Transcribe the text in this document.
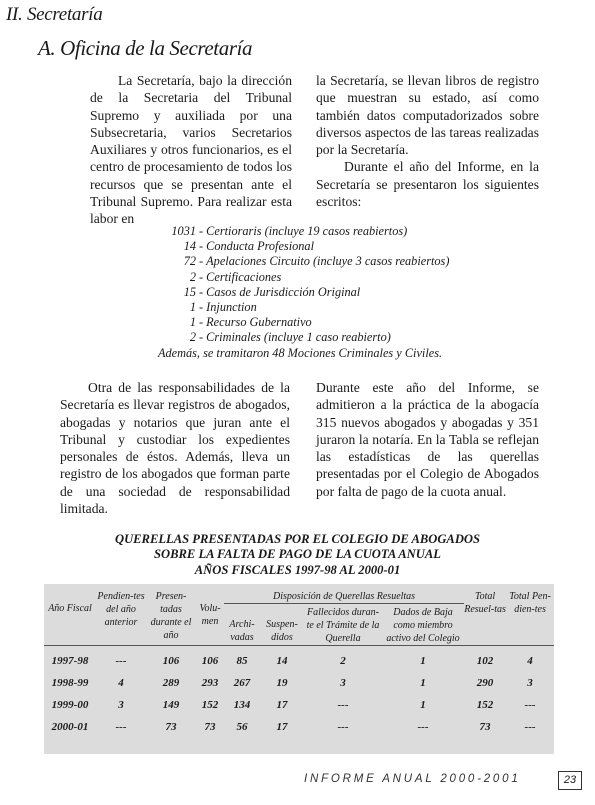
II. Secretaría
A. Oficina de la Secretaría

La Secretaría, bajo la dirección de la Secretaria del Tribunal Supremo y auxiliada por una Subsecretaria, varios Secretarios Auxiliares y otros funcionarios, es el centro de procesamiento de todos los recursos que se presentan ante el Tribunal Supremo. Para realizar esta labor en

la Secretaría, se llevan libros de registro que muestran su estado, así como también datos computadorizados sobre diversos aspectos de las tareas realizadas por la Secretaría.

Durante el año del Informe, en la Secretaría se presentaron los siguientes escritos:

1031 - Certioraris (incluye 19 casos reabiertos)
14 - Conducta Profesional
72 - Apelaciones Circuito (incluye 3 casos reabiertos)
2 - Certificaciones
15 - Casos de Jurisdicción Original
1 - Injunction
1 - Recurso Gubernativo
2 - Criminales (incluye 1 caso reabierto)
Además, se tramitaron 48 Mociones Criminales y Civiles.

Otra de las responsabilidades de la Secretaría es llevar registros de abogados, abogadas y notarios que juran ante el Tribunal y custodiar los expedientes personales de éstos. Además, lleva un registro de los abogados que forman parte de una sociedad de responsabilidad limitada.

Durante este año del Informe, se admitieron a la práctica de la abogacía 315 nuevos abogados y abogadas y 351 juraron la notaría. En la Tabla se reflejan las estadísticas de las querellas presentadas por el Colegio de Abogados por falta de pago de la cuota anual.

QUERELLAS PRESENTADAS POR EL COLEGIO DE ABOGADOS
SOBRE LA FALTA DE PAGO DE LA CUOTA ANUAL
AÑOS FISCALES 1997-98 AL 2000-01
Año Fiscal	Pendien-tes del año anterior	Presen-tadas durante el año	Volu-men	Disposición de Querellas Resueltas				Total Resuel-tas	Total Pen-dien-tes
				Archi-vadas	Suspen-didos	Fallecidos duran-te el Trámite de la Querella	Dados de Baja como miembro activo del Colegio		

1997-98	---	106	106	85	14	2	1	102	4
1998-99	4	289	293	267	19	3	1	290	3
1999-00	3	149	152	134	17	---	1	152	---
2000-01	---	73	73	56	17	---	---	73	---
INFORME ANUAL 2000-2001	23
